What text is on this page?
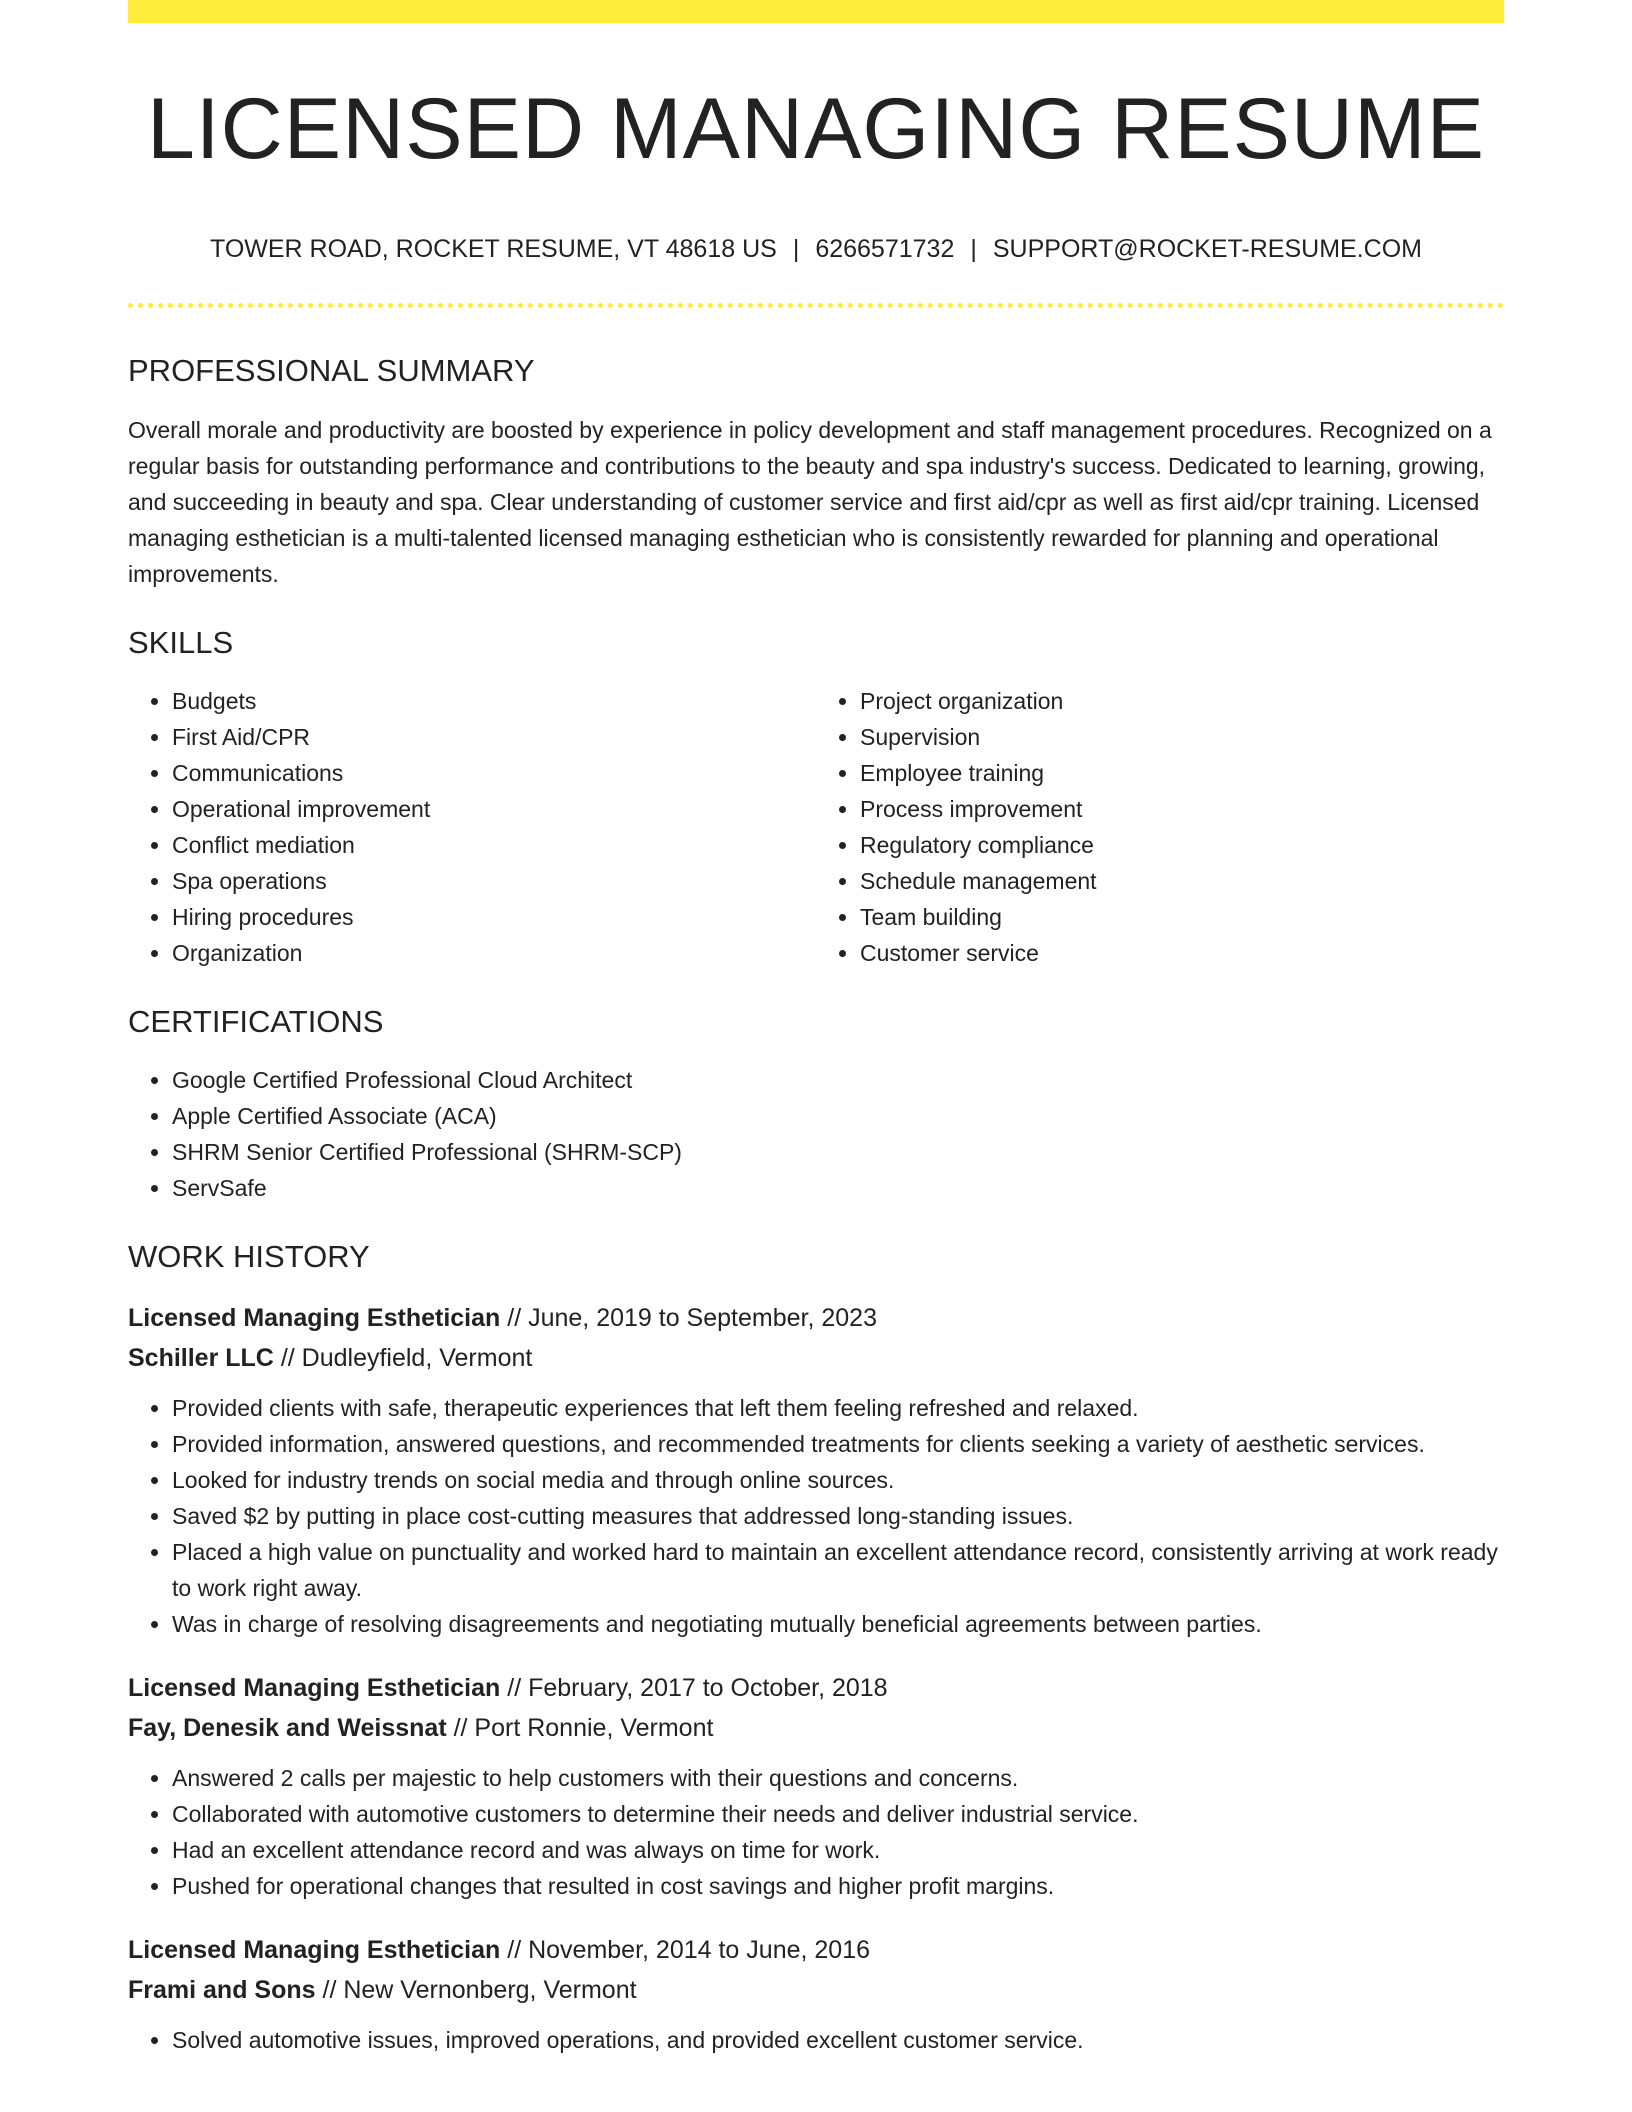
LICENSED MANAGING RESUME
TOWER ROAD, ROCKET RESUME, VT 48618 US | 6266571732 | SUPPORT@ROCKET-RESUME.COM
PROFESSIONAL SUMMARY
Overall morale and productivity are boosted by experience in policy development and staff management procedures. Recognized on a regular basis for outstanding performance and contributions to the beauty and spa industry's success. Dedicated to learning, growing, and succeeding in beauty and spa. Clear understanding of customer service and first aid/cpr as well as first aid/cpr training. Licensed managing esthetician is a multi-talented licensed managing esthetician who is consistently rewarded for planning and operational improvements.
SKILLS
• Budgets
• First Aid/CPR
• Communications
• Operational improvement
• Conflict mediation
• Spa operations
• Hiring procedures
• Organization
• Project organization
• Supervision
• Employee training
• Process improvement
• Regulatory compliance
• Schedule management
• Team building
• Customer service
CERTIFICATIONS
• Google Certified Professional Cloud Architect
• Apple Certified Associate (ACA)
• SHRM Senior Certified Professional (SHRM-SCP)
• ServSafe
WORK HISTORY
Licensed Managing Esthetician // June, 2019 to September, 2023
Schiller LLC // Dudleyfield, Vermont
• Provided clients with safe, therapeutic experiences that left them feeling refreshed and relaxed.
• Provided information, answered questions, and recommended treatments for clients seeking a variety of aesthetic services.
• Looked for industry trends on social media and through online sources.
• Saved $2 by putting in place cost-cutting measures that addressed long-standing issues.
• Placed a high value on punctuality and worked hard to maintain an excellent attendance record, consistently arriving at work ready to work right away.
• Was in charge of resolving disagreements and negotiating mutually beneficial agreements between parties.
Licensed Managing Esthetician // February, 2017 to October, 2018
Fay, Denesik and Weissnat // Port Ronnie, Vermont
• Answered 2 calls per majestic to help customers with their questions and concerns.
• Collaborated with automotive customers to determine their needs and deliver industrial service.
• Had an excellent attendance record and was always on time for work.
• Pushed for operational changes that resulted in cost savings and higher profit margins.
Licensed Managing Esthetician // November, 2014 to June, 2016
Frami and Sons // New Vernonberg, Vermont
• Solved automotive issues, improved operations, and provided excellent customer service.
